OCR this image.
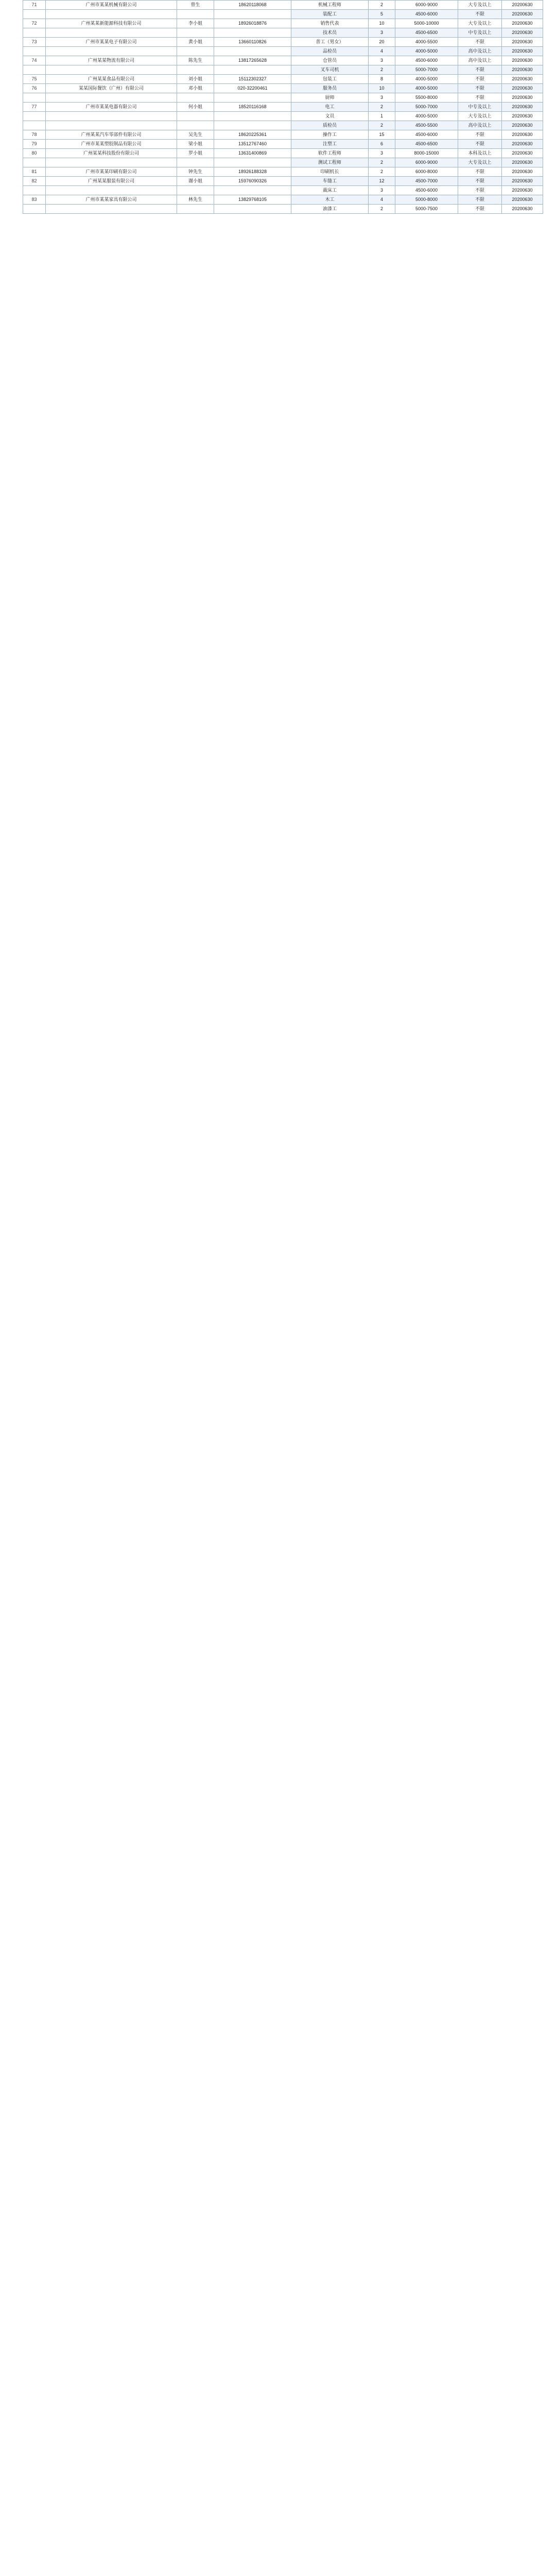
71	广州市某某机械有限公司	曾生	18620118068	机械工程师	2	6000-9000	大专及以上	20200630
				装配工	5	4500-6000	不限	20200630
72	广州某某新能源科技有限公司	李小姐	18926018876	销售代表	10	5000-10000	大专及以上	20200630
				技术员	3	4500-6500	中专及以上	20200630
73	广州市某某电子有限公司	黄小姐	13660110826	普工（男女）	20	4000-5500	不限	20200630
				品检员	4	4000-5000	高中及以上	20200630
74	广州某某物流有限公司	陈先生	13817265628	仓管员	3	4500-6000	高中及以上	20200630
				叉车司机	2	5000-7000	不限	20200630
75	广州某某食品有限公司	刘小姐	15112302327	包装工	8	4000-5000	不限	20200630
76	某某国际餐饮（广州）有限公司	邓小姐	020-32200461	服务员	10	4000-5000	不限	20200630
				厨师	3	5500-8000	不限	20200630
77	广州市某某电器有限公司	何小姐	18520116168	电工	2	5000-7000	中专及以上	20200630
				文员	1	4000-5000	大专及以上	20200630
				质检员	2	4500-5500	高中及以上	20200630
78	广州某某汽车零部件有限公司	吴先生	18620225361	操作工	15	4500-6000	不限	20200630
79	广州市某某塑胶制品有限公司	梁小姐	13512767460	注塑工	6	4500-6500	不限	20200630
80	广州某某科技股份有限公司	罗小姐	13631400869	软件工程师	3	8000-15000	本科及以上	20200630
				测试工程师	2	6000-9000	大专及以上	20200630
81	广州市某某印刷有限公司	钟先生	18926188328	印刷机长	2	6000-8000	不限	20200630
82	广州某某服装有限公司	谢小姐	15976090326	车缝工	12	4500-7000	不限	20200630
				裁床工	3	4500-6000	不限	20200630
83	广州市某某家具有限公司	林先生	13829768105	木工	4	5000-8000	不限	20200630
				油漆工	2	5000-7500	不限	20200630
